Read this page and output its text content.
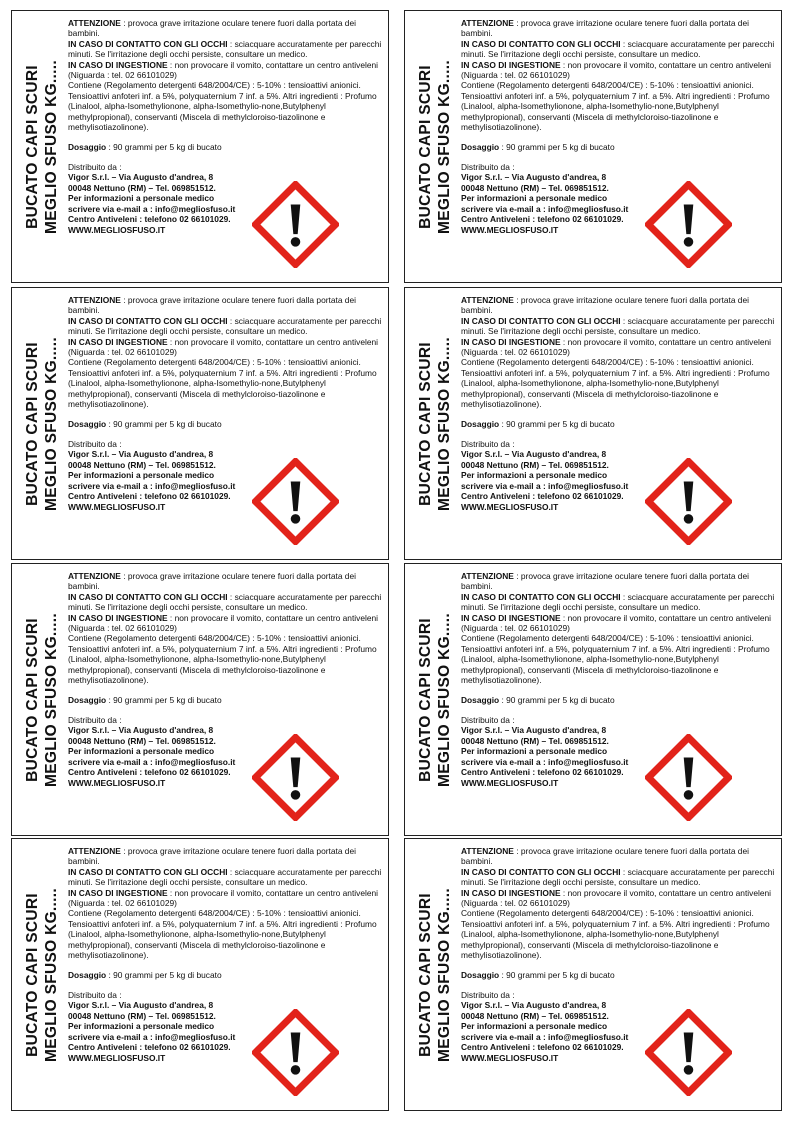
BUCATO CAPI SCURI MEGLIO SFUSO KG.....

ATTENZIONE : provoca grave irritazione oculare tenere fuori dalla portata dei bambini.

IN CASO DI CONTATTO CON GLI OCCHI : sciacquare accuratamente per parecchi minuti. Se l'irritazione degli occhi persiste, consultare un medico.

IN CASO DI INGESTIONE : non provocare il vomito, contattare un centro antiveleni (Niguarda : tel. 02 66101029)

Contiene (Regolamento detergenti 648/2004/CE) : 5-10% : tensioattivi anionici. Tensioattivi anfoteri inf. a 5%, polyquaternium 7 inf. a 5%. Altri ingredienti : Profumo (Linalool, alpha-Isomethylionone, alpha-Isomethylio-none,Butylphenyl methylpropional), conservanti (Miscela di methylcloroiso-tiazolinone e methylisotiazolinone).

Dosaggio : 90 grammi per 5 kg di bucato

Distribuito da :

Vigor S.r.l. – Via Augusto d'andrea, 8

00048 Nettuno (RM) – Tel. 069851512.

Per informazioni a personale medico

scrivere via e-mail a : info@megliosfuso.it

Centro Antiveleni : telefono 02 66101029.

WWW.MEGLIOSFUSO.IT

BUCATO CAPI SCURI MEGLIO SFUSO KG.....

ATTENZIONE : provoca grave irritazione oculare tenere fuori dalla portata dei bambini.

IN CASO DI CONTATTO CON GLI OCCHI : sciacquare accuratamente per parecchi minuti. Se l'irritazione degli occhi persiste, consultare un medico.

IN CASO DI INGESTIONE : non provocare il vomito, contattare un centro antiveleni (Niguarda : tel. 02 66101029)

Contiene (Regolamento detergenti 648/2004/CE) : 5-10% : tensioattivi anionici. Tensioattivi anfoteri inf. a 5%, polyquaternium 7 inf. a 5%. Altri ingredienti : Profumo (Linalool, alpha-Isomethylionone, alpha-Isomethylio-none,Butylphenyl methylpropional), conservanti (Miscela di methylcloroiso-tiazolinone e methylisotiazolinone).

Dosaggio : 90 grammi per 5 kg di bucato

Distribuito da :

Vigor S.r.l. – Via Augusto d'andrea, 8

00048 Nettuno (RM) – Tel. 069851512.

Per informazioni a personale medico

scrivere via e-mail a : info@megliosfuso.it

Centro Antiveleni : telefono 02 66101029.

WWW.MEGLIOSFUSO.IT

BUCATO CAPI SCURI MEGLIO SFUSO KG.....

ATTENZIONE : provoca grave irritazione oculare tenere fuori dalla portata dei bambini.

IN CASO DI CONTATTO CON GLI OCCHI : sciacquare accuratamente per parecchi minuti. Se l'irritazione degli occhi persiste, consultare un medico.

IN CASO DI INGESTIONE : non provocare il vomito, contattare un centro antiveleni (Niguarda : tel. 02 66101029)

Contiene (Regolamento detergenti 648/2004/CE) : 5-10% : tensioattivi anionici. Tensioattivi anfoteri inf. a 5%, polyquaternium 7 inf. a 5%. Altri ingredienti : Profumo (Linalool, alpha-Isomethylionone, alpha-Isomethylio-none,Butylphenyl methylpropional), conservanti (Miscela di methylcloroiso-tiazolinone e methylisotiazolinone).

Dosaggio : 90 grammi per 5 kg di bucato

Distribuito da :

Vigor S.r.l. – Via Augusto d'andrea, 8

00048 Nettuno (RM) – Tel. 069851512.

Per informazioni a personale medico

scrivere via e-mail a : info@megliosfuso.it

Centro Antiveleni : telefono 02 66101029.

WWW.MEGLIOSFUSO.IT

BUCATO CAPI SCURI MEGLIO SFUSO KG.....

ATTENZIONE : provoca grave irritazione oculare tenere fuori dalla portata dei bambini.

IN CASO DI CONTATTO CON GLI OCCHI : sciacquare accuratamente per parecchi minuti. Se l'irritazione degli occhi persiste, consultare un medico.

IN CASO DI INGESTIONE : non provocare il vomito, contattare un centro antiveleni (Niguarda : tel. 02 66101029)

Contiene (Regolamento detergenti 648/2004/CE) : 5-10% : tensioattivi anionici. Tensioattivi anfoteri inf. a 5%, polyquaternium 7 inf. a 5%. Altri ingredienti : Profumo (Linalool, alpha-Isomethylionone, alpha-Isomethylio-none,Butylphenyl methylpropional), conservanti (Miscela di methylcloroiso-tiazolinone e methylisotiazolinone).

Dosaggio : 90 grammi per 5 kg di bucato

Distribuito da :

Vigor S.r.l. – Via Augusto d'andrea, 8

00048 Nettuno (RM) – Tel. 069851512.

Per informazioni a personale medico

scrivere via e-mail a : info@megliosfuso.it

Centro Antiveleni : telefono 02 66101029.

WWW.MEGLIOSFUSO.IT

BUCATO CAPI SCURI MEGLIO SFUSO KG.....

ATTENZIONE : provoca grave irritazione oculare tenere fuori dalla portata dei bambini.

IN CASO DI CONTATTO CON GLI OCCHI : sciacquare accuratamente per parecchi minuti. Se l'irritazione degli occhi persiste, consultare un medico.

IN CASO DI INGESTIONE : non provocare il vomito, contattare un centro antiveleni (Niguarda : tel. 02 66101029)

Contiene (Regolamento detergenti 648/2004/CE) : 5-10% : tensioattivi anionici. Tensioattivi anfoteri inf. a 5%, polyquaternium 7 inf. a 5%. Altri ingredienti : Profumo (Linalool, alpha-Isomethylionone, alpha-Isomethylio-none,Butylphenyl methylpropional), conservanti (Miscela di methylcloroiso-tiazolinone e methylisotiazolinone).

Dosaggio : 90 grammi per 5 kg di bucato

Distribuito da :

Vigor S.r.l. – Via Augusto d'andrea, 8

00048 Nettuno (RM) – Tel. 069851512.

Per informazioni a personale medico

scrivere via e-mail a : info@megliosfuso.it

Centro Antiveleni : telefono 02 66101029.

WWW.MEGLIOSFUSO.IT

BUCATO CAPI SCURI MEGLIO SFUSO KG.....

ATTENZIONE : provoca grave irritazione oculare tenere fuori dalla portata dei bambini.

IN CASO DI CONTATTO CON GLI OCCHI : sciacquare accuratamente per parecchi minuti. Se l'irritazione degli occhi persiste, consultare un medico.

IN CASO DI INGESTIONE : non provocare il vomito, contattare un centro antiveleni (Niguarda : tel. 02 66101029)

Contiene (Regolamento detergenti 648/2004/CE) : 5-10% : tensioattivi anionici. Tensioattivi anfoteri inf. a 5%, polyquaternium 7 inf. a 5%. Altri ingredienti : Profumo (Linalool, alpha-Isomethylionone, alpha-Isomethylio-none,Butylphenyl methylpropional), conservanti (Miscela di methylcloroiso-tiazolinone e methylisotiazolinone).

Dosaggio : 90 grammi per 5 kg di bucato

Distribuito da :

Vigor S.r.l. – Via Augusto d'andrea, 8

00048 Nettuno (RM) – Tel. 069851512.

Per informazioni a personale medico

scrivere via e-mail a : info@megliosfuso.it

Centro Antiveleni : telefono 02 66101029.

WWW.MEGLIOSFUSO.IT

BUCATO CAPI SCURI MEGLIO SFUSO KG.....

ATTENZIONE : provoca grave irritazione oculare tenere fuori dalla portata dei bambini.

IN CASO DI CONTATTO CON GLI OCCHI : sciacquare accuratamente per parecchi minuti. Se l'irritazione degli occhi persiste, consultare un medico.

IN CASO DI INGESTIONE : non provocare il vomito, contattare un centro antiveleni (Niguarda : tel. 02 66101029)

Contiene (Regolamento detergenti 648/2004/CE) : 5-10% : tensioattivi anionici. Tensioattivi anfoteri inf. a 5%, polyquaternium 7 inf. a 5%. Altri ingredienti : Profumo (Linalool, alpha-Isomethylionone, alpha-Isomethylio-none,Butylphenyl methylpropional), conservanti (Miscela di methylcloroiso-tiazolinone e methylisotiazolinone).

Dosaggio : 90 grammi per 5 kg di bucato

Distribuito da :

Vigor S.r.l. – Via Augusto d'andrea, 8

00048 Nettuno (RM) – Tel. 069851512.

Per informazioni a personale medico

scrivere via e-mail a : info@megliosfuso.it

Centro Antiveleni : telefono 02 66101029.

WWW.MEGLIOSFUSO.IT

BUCATO CAPI SCURI MEGLIO SFUSO KG.....

ATTENZIONE : provoca grave irritazione oculare tenere fuori dalla portata dei bambini.

IN CASO DI CONTATTO CON GLI OCCHI : sciacquare accuratamente per parecchi minuti. Se l'irritazione degli occhi persiste, consultare un medico.

IN CASO DI INGESTIONE : non provocare il vomito, contattare un centro antiveleni (Niguarda : tel. 02 66101029)

Contiene (Regolamento detergenti 648/2004/CE) : 5-10% : tensioattivi anionici. Tensioattivi anfoteri inf. a 5%, polyquaternium 7 inf. a 5%. Altri ingredienti : Profumo (Linalool, alpha-Isomethylionone, alpha-Isomethylio-none,Butylphenyl methylpropional), conservanti (Miscela di methylcloroiso-tiazolinone e methylisotiazolinone).

Dosaggio : 90 grammi per 5 kg di bucato

Distribuito da :

Vigor S.r.l. – Via Augusto d'andrea, 8

00048 Nettuno (RM) – Tel. 069851512.

Per informazioni a personale medico

scrivere via e-mail a : info@megliosfuso.it

Centro Antiveleni : telefono 02 66101029.

WWW.MEGLIOSFUSO.IT
